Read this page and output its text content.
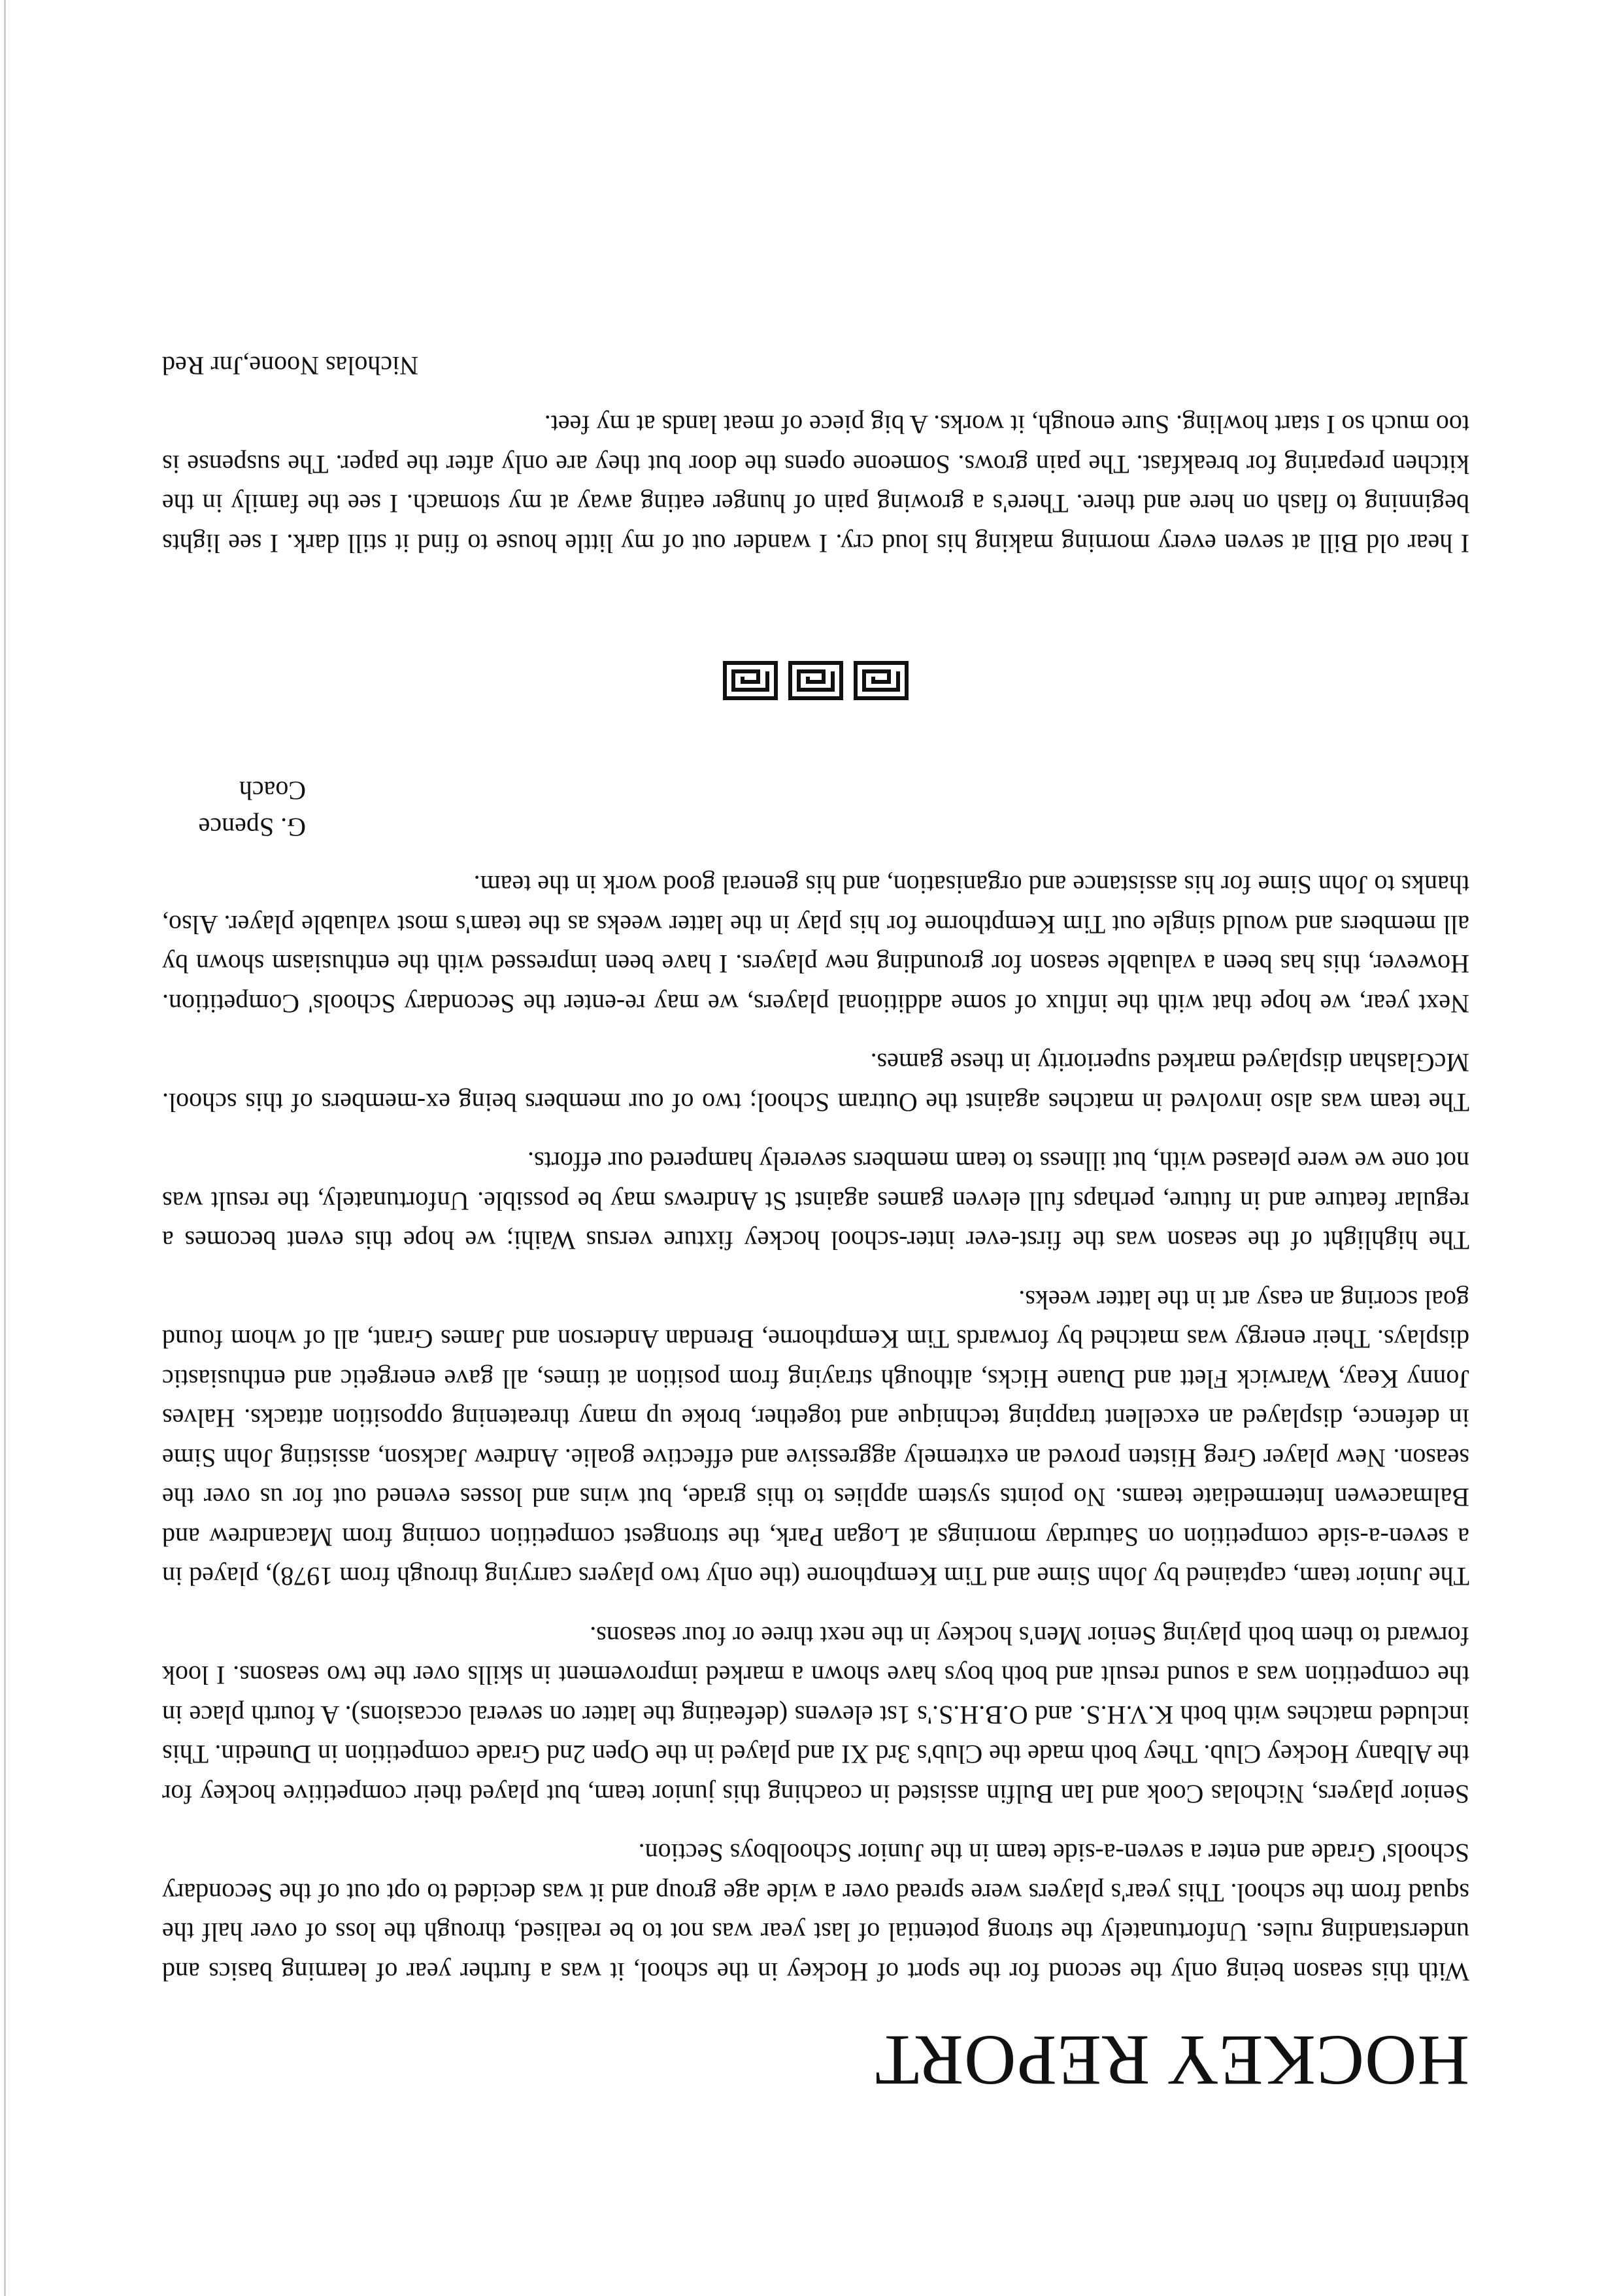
HOCKEY REPORT

With this season being only the second for the sport of Hockey in the school, it was a further year of learning basics and understanding rules. Unfortunately the strong potential of last year was not to be realised, through the loss of over half the squad from the school. This year's players were spread over a wide age group and it was decided to opt out of the Secondary Schools' Grade and enter a seven-a-side team in the Junior Schoolboys Section.

Senior players, Nicholas Cook and Ian Bulfin assisted in coaching this junior team, but played their competitive hockey for the Albany Hockey Club. They both made the Club's 3rd XI and played in the Open 2nd Grade competition in Dunedin. This included matches with both K.V.H.S. and O.B.H.S.'s 1st elevens (defeating the latter on several occasions). A fourth place in the competition was a sound result and both boys have shown a marked improvement in skills over the two seasons. I look forward to them both playing Senior Men's hockey in the next three or four seasons.

The Junior team, captained by John Sime and Tim Kempthorne (the only two players carrying through from 1978), played in a seven-a-side competition on Saturday mornings at Logan Park, the strongest competition coming from Macandrew and Balmacewen Intermediate teams. No points system applies to this grade, but wins and losses evened out for us over the season. New player Greg Histen proved an extremely aggressive and effective goalie. Andrew Jackson, assisting John Sime in defence, displayed an excellent trapping technique and together, broke up many threatening opposition attacks. Halves Jonny Keay, Warwick Flett and Duane Hicks, although straying from position at times, all gave energetic and enthusiastic displays. Their energy was matched by forwards Tim Kempthorne, Brendan Anderson and James Grant, all of whom found goal scoring an easy art in the latter weeks.

The highlight of the season was the first-ever inter-school hockey fixture versus Waihi; we hope this event becomes a regular feature and in future, perhaps full eleven games against St Andrews may be possible. Unfortunately, the result was not one we were pleased with, but illness to team members severely hampered our efforts.

The team was also involved in matches against the Outram School; two of our members being ex-members of this school. McGlashan displayed marked superiority in these games.

Next year, we hope that with the influx of some additional players, we may re-enter the Secondary Schools' Competition. However, this has been a valuable season for grounding new players. I have been impressed with the enthusiasm shown by all members and would single out Tim Kempthorne for his play in the latter weeks as the team's most valuable player. Also, thanks to John Sime for his assistance and organisation, and his general good work in the team.

G. Spence
Coach

I hear old Bill at seven every morning making his loud cry. I wander out of my little house to find it still dark. I see lights beginning to flash on here and there. There's a growing pain of hunger eating away at my stomach. I see the family in the kitchen preparing for breakfast. The pain grows. Someone opens the door but they are only after the paper. The suspense is too much so I start howling. Sure enough, it works. A big piece of meat lands at my feet.

Nicholas Noone,Jnr Red
